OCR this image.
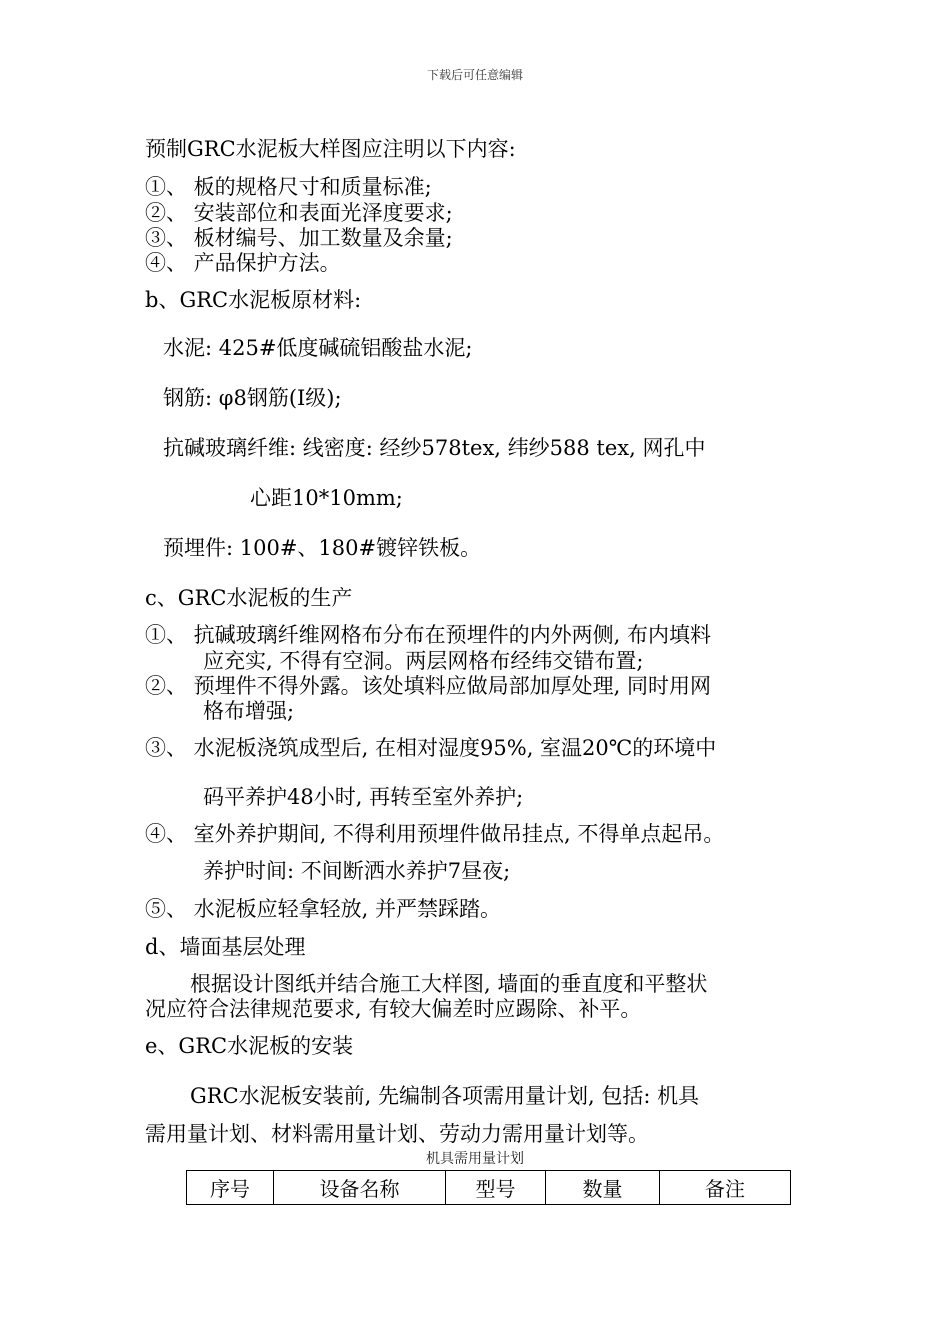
下载后可任意编辑
预制GRC水泥板大样图应注明以下内容:
①、 板的规格尺寸和质量标准;
②、 安装部位和表面光泽度要求;
③、 板材编号、加工数量及余量;
④、 产品保护方法。
b、GRC水泥板原材料:
水泥: 425#低度碱硫铝酸盐水泥;
钢筋: φ8钢筋(Ⅰ级);
抗碱玻璃纤维: 线密度: 经纱578tex, 纬纱588 tex, 网孔中
心距10*10mm;
预埋件: 100#、180#镀锌铁板。
c、GRC水泥板的生产
①、 抗碱玻璃纤维网格布分布在预埋件的内外两侧, 布内填料
应充实, 不得有空洞。两层网格布经纬交错布置;
②、 预埋件不得外露。该处填料应做局部加厚处理, 同时用网
格布增强;
③、 水泥板浇筑成型后, 在相对湿度95%, 室温20℃的环境中
码平养护48小时, 再转至室外养护;
④、 室外养护期间, 不得利用预埋件做吊挂点, 不得单点起吊。
养护时间: 不间断洒水养护7昼夜;
⑤、 水泥板应轻拿轻放, 并严禁踩踏。
d、墙面基层处理
根据设计图纸并结合施工大样图, 墙面的垂直度和平整状
况应符合法律规范要求, 有较大偏差时应踢除、补平。
e、GRC水泥板的安装
GRC水泥板安装前, 先编制各项需用量计划, 包括: 机具
需用量计划、材料需用量计划、劳动力需用量计划等。
机具需用量计划
序号	设备名称	型号	数量	备注
